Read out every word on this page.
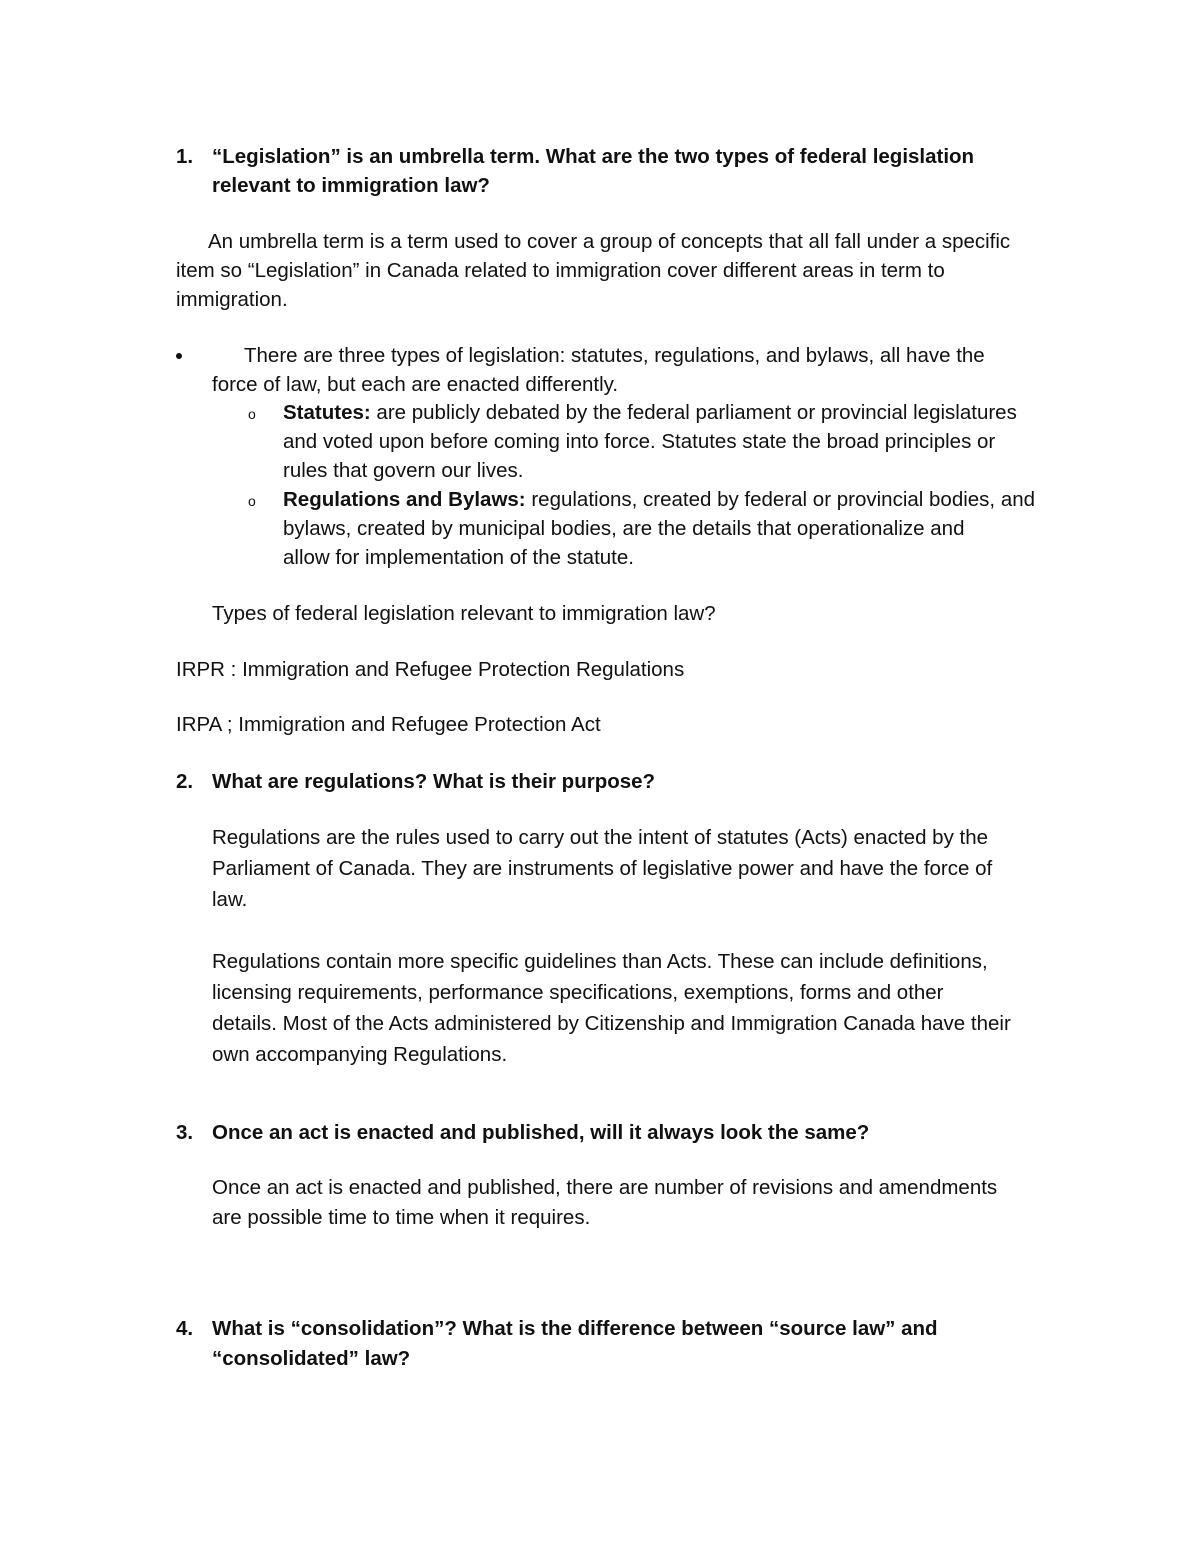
1. “Legislation” is an umbrella term. What are the two types of federal legislation
relevant to immigration law?
An umbrella term is a term used to cover a group of concepts that all fall under a specific
item so “Legislation” in Canada related to immigration cover different areas in term to
immigration.
There are three types of legislation: statutes, regulations, and bylaws, all have the
force of law, but each are enacted differently.
o Statutes: are publicly debated by the federal parliament or provincial legislatures
and voted upon before coming into force. Statutes state the broad principles or
rules that govern our lives.
o Regulations and Bylaws: regulations, created by federal or provincial bodies, and
bylaws, created by municipal bodies, are the details that operationalize and
allow for implementation of the statute.
Types of federal legislation relevant to immigration law?
IRPR : Immigration and Refugee Protection Regulations
IRPA ; Immigration and Refugee Protection Act
2. What are regulations? What is their purpose?
Regulations are the rules used to carry out the intent of statutes (Acts) enacted by the
Parliament of Canada. They are instruments of legislative power and have the force of
law.
Regulations contain more specific guidelines than Acts. These can include definitions,
licensing requirements, performance specifications, exemptions, forms and other
details. Most of the Acts administered by Citizenship and Immigration Canada have their
own accompanying Regulations.
3. Once an act is enacted and published, will it always look the same?
Once an act is enacted and published, there are number of revisions and amendments
are possible time to time when it requires.
4. What is “consolidation”? What is the difference between “source law” and
“consolidated” law?
